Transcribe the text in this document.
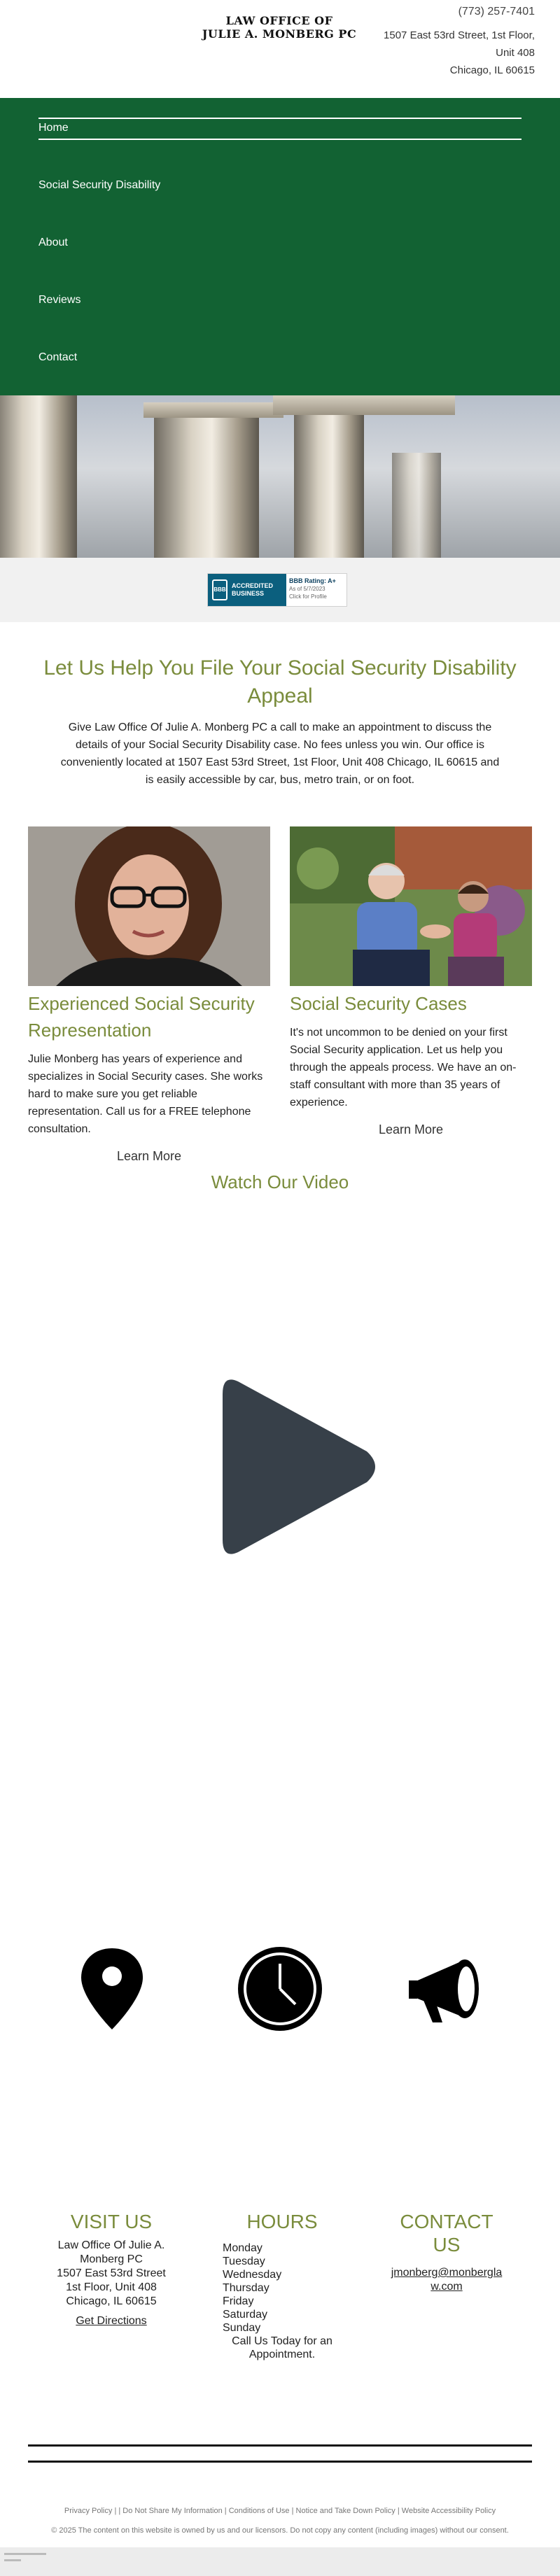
LAW OFFICE OF
JULIE A. MONBERG PC
(773) 257-7401
1507 East 53rd Street, 1st Floor,
Unit 408
Chicago, IL 60615
Home
Social Security Disability
About
Reviews
Contact
BBB
ACCREDITED
BUSINESS
BBB Rating: A+
As of 5/7/2023
Click for Profile
Let Us Help You File Your Social Security Disability Appeal

Give Law Office Of Julie A. Monberg PC a call to make an appointment to discuss the details of your Social Security Disability case. No fees unless you win. Our office is conveniently located at 1507 East 53rd Street, 1st Floor, Unit 408 Chicago, IL 60615 and is easily accessible by car, bus, metro train, or on foot.

Experienced Social Security Representation

Julie Monberg has years of experience and specializes in Social Security cases. She works hard to make sure you get reliable representation. Call us for a FREE telephone consultation.

Learn More
Social Security Cases

It's not uncommon to be denied on your first Social Security application. Let us help you through the appeals process. We have an on-staff consultant with more than 35 years of experience.

Learn More
Watch Our Video
VISIT US
Law Office Of Julie A.
Monberg PC
1507 East 53rd Street
1st Floor, Unit 408
Chicago, IL 60615
Get Directions
HOURS
Monday
Tuesday
Wednesday
Thursday
Friday
Saturday
Sunday
Call Us Today for an
Appointment.
CONTACT
US
jmonberg@monbergla
w.com
Privacy Policy | | Do Not Share My Information | Conditions of Use | Notice and Take Down Policy | Website Accessibility Policy
© 2025 The content on this website is owned by us and our licensors. Do not copy any content (including images) without our consent.
